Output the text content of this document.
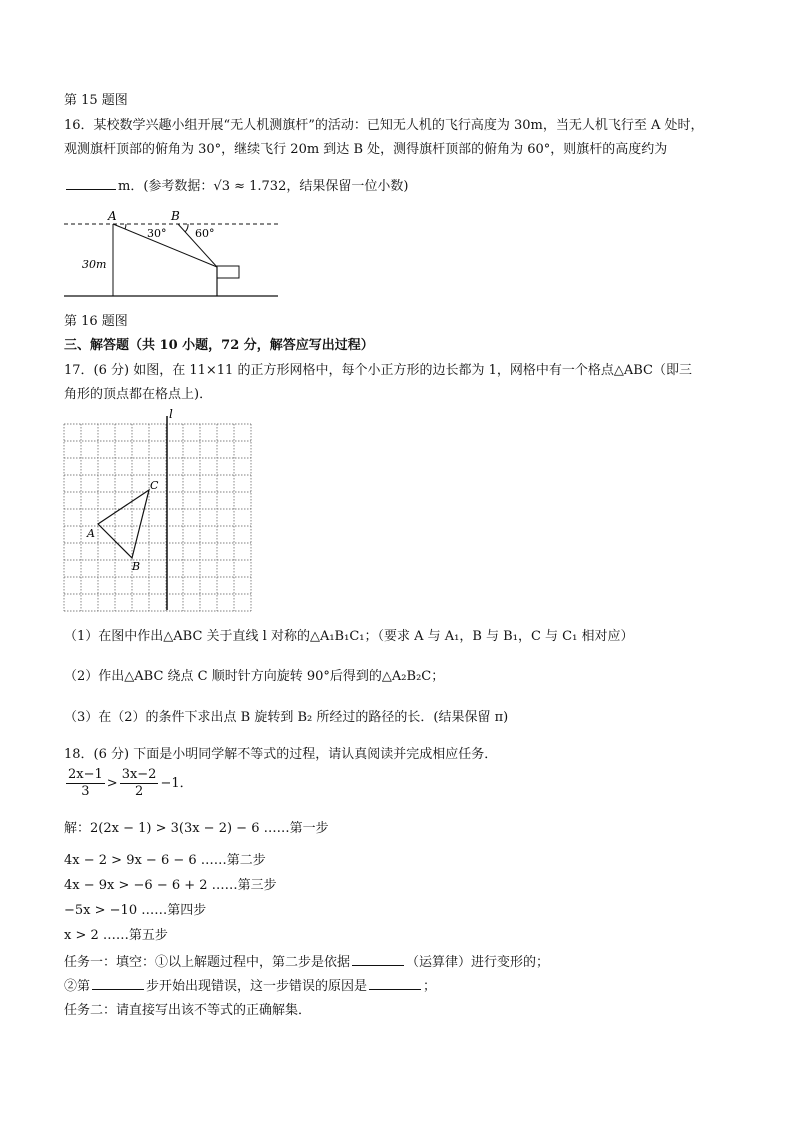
第 15 题图
16．某校数学兴趣小组开展“无人机测旗杆”的活动：已知无人机的飞行高度为 30m，当无人机飞行至 A 处时，
观测旗杆顶部的俯角为 30°，继续飞行 20m 到达 B 处，测得旗杆顶部的俯角为 60°，则旗杆的高度约为
m．(参考数据：√3 ≈ 1.732，结果保留一位小数)
A	B
30°	60°
30m
第 16 题图
三、解答题（共 10 小题，72 分，解答应写出过程）
17．(6 分) 如图，在 11×11 的正方形网格中，每个小正方形的边长都为 1，网格中有一个格点△ABC（即三
角形的顶点都在格点上)．
l
A
B
C
（1）在图中作出△ABC 关于直线 l 对称的△A₁B₁C₁；（要求 A 与 A₁，B 与 B₁，C 与 C₁ 相对应）
（2）作出△ABC 绕点 C 顺时针方向旋转 90°后得到的△A₂B₂C；
（3）在（2）的条件下求出点 B 旋转到 B₂ 所经过的路径的长．(结果保留 π)
18．(6 分) 下面是小明同学解不等式的过程，请认真阅读并完成相应任务．
$\frac{2x-1}{3} > \frac{3x-2}{2} -1$．
解：2(2x − 1) > 3(3x − 2) − 6 ……第一步
4x − 2 > 9x − 6 − 6 ……第二步
4x − 9x > −6 − 6 + 2 ……第三步
−5x > −10 ……第四步
x > 2 ……第五步
任务一：填空：①以上解题过程中，第二步是依据	（运算律）进行变形的；
②第	步开始出现错误，这一步错误的原因是	；
任务二：请直接写出该不等式的正确解集．
